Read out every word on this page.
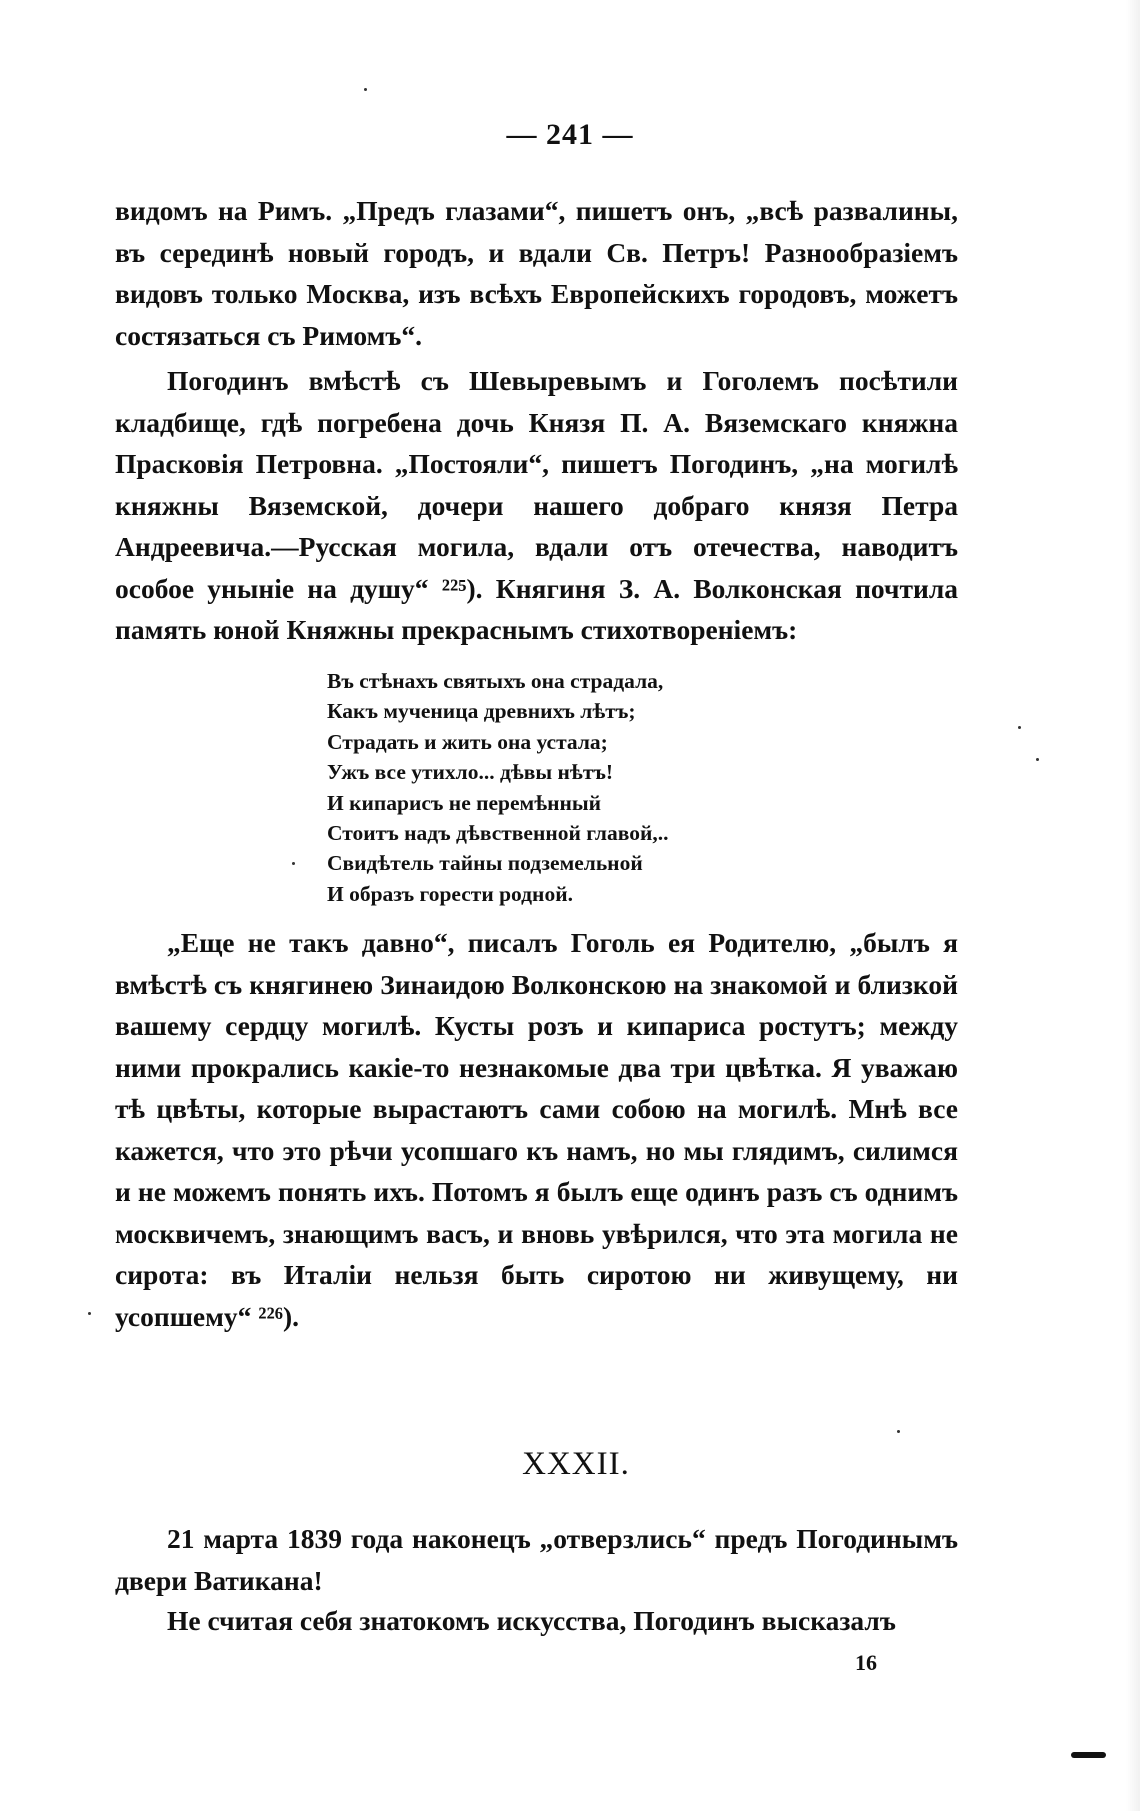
— 241 —

видомъ на Римъ. „Предъ глазами“, пишетъ онъ, „всѣ развалины, въ серединѣ новый городъ, и вдали Св. Петръ! Разнообразіемъ видовъ только Москва, изъ всѣхъ Европейскихъ городовъ, можетъ состязаться съ Римомъ“.

Погодинъ вмѣстѣ съ Шевыревымъ и Гоголемъ посѣтили кладбище, гдѣ погребена дочь Князя П. А. Вяземскаго княжна Прасковія Петровна. „Постояли“, пишетъ Погодинъ, „на могилѣ княжны Вяземской, дочери нашего добраго князя Петра Андреевича.—Русская могила, вдали отъ отечества, наводитъ особое уныніе на душу“ ²²⁵). Княгиня З. А. Волконская почтила память юной Княжны прекраснымъ стихотвореніемъ:

Въ стѣнахъ святыхъ она страдала,
Какъ мученица древнихъ лѣтъ;
Страдать и жить она устала;
Ужъ все утихло... дѣвы нѣтъ!
И кипарисъ не перемѣнный
Стоитъ надъ дѣвственной главой,..
Свидѣтель тайны подземельной
И образъ горести родной.

„Еще не такъ давно“, писалъ Гоголь ея Родителю, „былъ я вмѣстѣ съ княгинею Зинаидою Волконскою на знакомой и близкой вашему сердцу могилѣ. Кусты розъ и кипариса ростутъ; между ними прокрались какіе-то незнакомые два три цвѣтка. Я уважаю тѣ цвѣты, которые вырастаютъ сами собою на могилѣ. Мнѣ все кажется, что это рѣчи усопшаго къ намъ, но мы глядимъ, силимся и не можемъ понять ихъ. Потомъ я былъ еще одинъ разъ съ однимъ москвичемъ, знающимъ васъ, и вновь увѣрился, что эта могила не сирота: въ Италіи нельзя быть сиротою ни живущему, ни усопшему“ ²²⁶).

XXXII.

21 марта 1839 года наконецъ „отверзлись“ предъ Погодинымъ двери Ватикана!

Не считая себя знатокомъ искусства, Погодинъ высказалъ

16
